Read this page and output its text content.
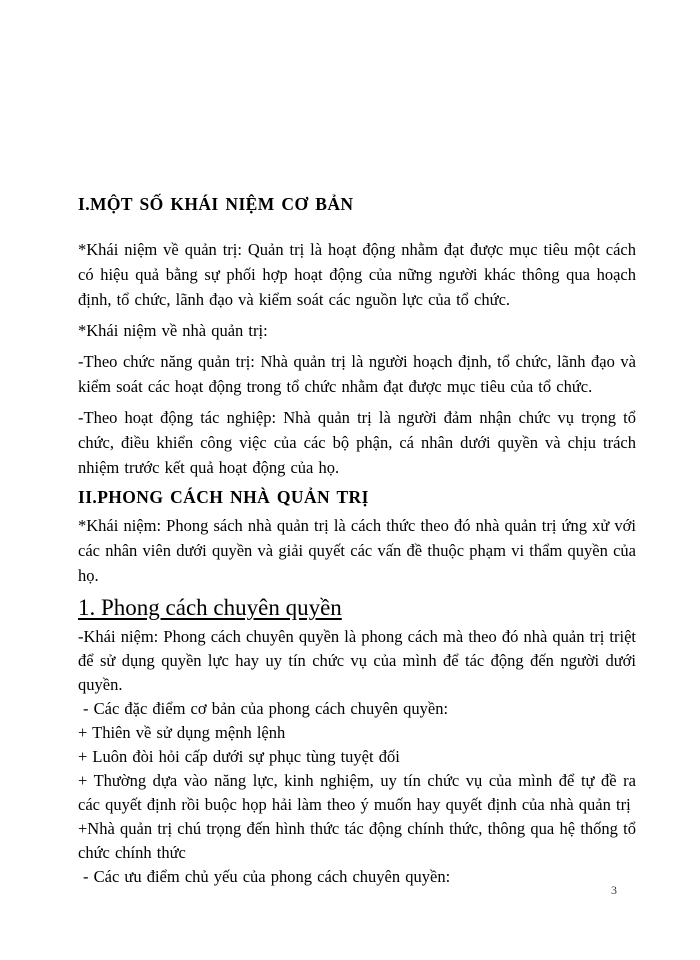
I.MỘT SỐ KHÁI NIỆM CƠ BẢN

*Khái niệm về quản trị: Quản trị là hoạt động nhằm đạt được mục tiêu một cách có hiệu quả bằng sự phối hợp hoạt động của nững người khác thông qua hoạch định, tổ chức, lãnh đạo và kiểm soát các nguồn lực của tổ chức.

*Khái niệm về nhà quản trị:

-Theo chức năng quản trị: Nhà quản trị là người hoạch định, tổ chức, lãnh đạo và kiểm soát các hoạt động trong tổ chức nhằm đạt được mục tiêu của tổ chức.

-Theo hoạt động tác nghiệp: Nhà quản trị là người đảm nhận chức vụ trọng tổ chức, điều khiển công việc của các bộ phận, cá nhân dưới quyền và chịu trách nhiệm trước kết quả hoạt động của họ.

II.PHONG CÁCH NHÀ QUẢN TRỊ

*Khái niệm: Phong sách nhà quản trị là cách thức theo đó nhà quản trị ứng xử với các nhân viên dưới quyền và giải quyết các vấn đề thuộc phạm vi thẩm quyền của họ.

1. Phong cách chuyên quyền

-Khái niệm: Phong cách chuyên quyền là phong cách mà theo đó nhà quản trị triệt để sử dụng quyền lực hay uy tín chức vụ của mình để tác động đến người dưới quyền.

- Các đặc điểm cơ bản của phong cách chuyên quyền:

+ Thiên về sử dụng mệnh lệnh

+ Luôn đòi hỏi cấp dưới sự phục tùng tuyệt đối

+ Thường dựa vào năng lực, kinh nghiệm, uy tín chức vụ của mình để tự đề ra các quyết định rồi buộc họp hải làm theo ý muốn hay quyết định của nhà quản trị

+Nhà quản trị chú trọng đến hình thức tác động chính thức, thông qua hệ thống tổ chức chính thức

- Các ưu điểm chủ yếu của phong cách chuyên quyền:

3
